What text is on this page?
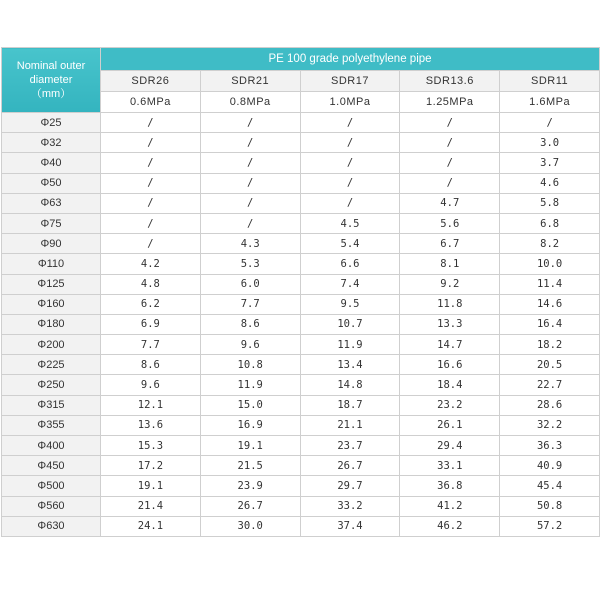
Nominal outer
diameter
（mm）	PE 100 grade polyethylene pipe				
	SDR26	SDR21	SDR17	SDR13.6	SDR11
	0.6MPa	0.8MPa	1.0MPa	1.25MPa	1.6MPa
Φ25	/	/	/	/	/
Φ32	/	/	/	/	3.0
Φ40	/	/	/	/	3.7
Φ50	/	/	/	/	4.6
Φ63	/	/	/	4.7	5.8
Φ75	/	/	4.5	5.6	6.8
Φ90	/	4.3	5.4	6.7	8.2
Φ110	4.2	5.3	6.6	8.1	10.0
Φ125	4.8	6.0	7.4	9.2	11.4
Φ160	6.2	7.7	9.5	11.8	14.6
Φ180	6.9	8.6	10.7	13.3	16.4
Φ200	7.7	9.6	11.9	14.7	18.2
Φ225	8.6	10.8	13.4	16.6	20.5
Φ250	9.6	11.9	14.8	18.4	22.7
Φ315	12.1	15.0	18.7	23.2	28.6
Φ355	13.6	16.9	21.1	26.1	32.2
Φ400	15.3	19.1	23.7	29.4	36.3
Φ450	17.2	21.5	26.7	33.1	40.9
Φ500	19.1	23.9	29.7	36.8	45.4
Φ560	21.4	26.7	33.2	41.2	50.8
Φ630	24.1	30.0	37.4	46.2	57.2
